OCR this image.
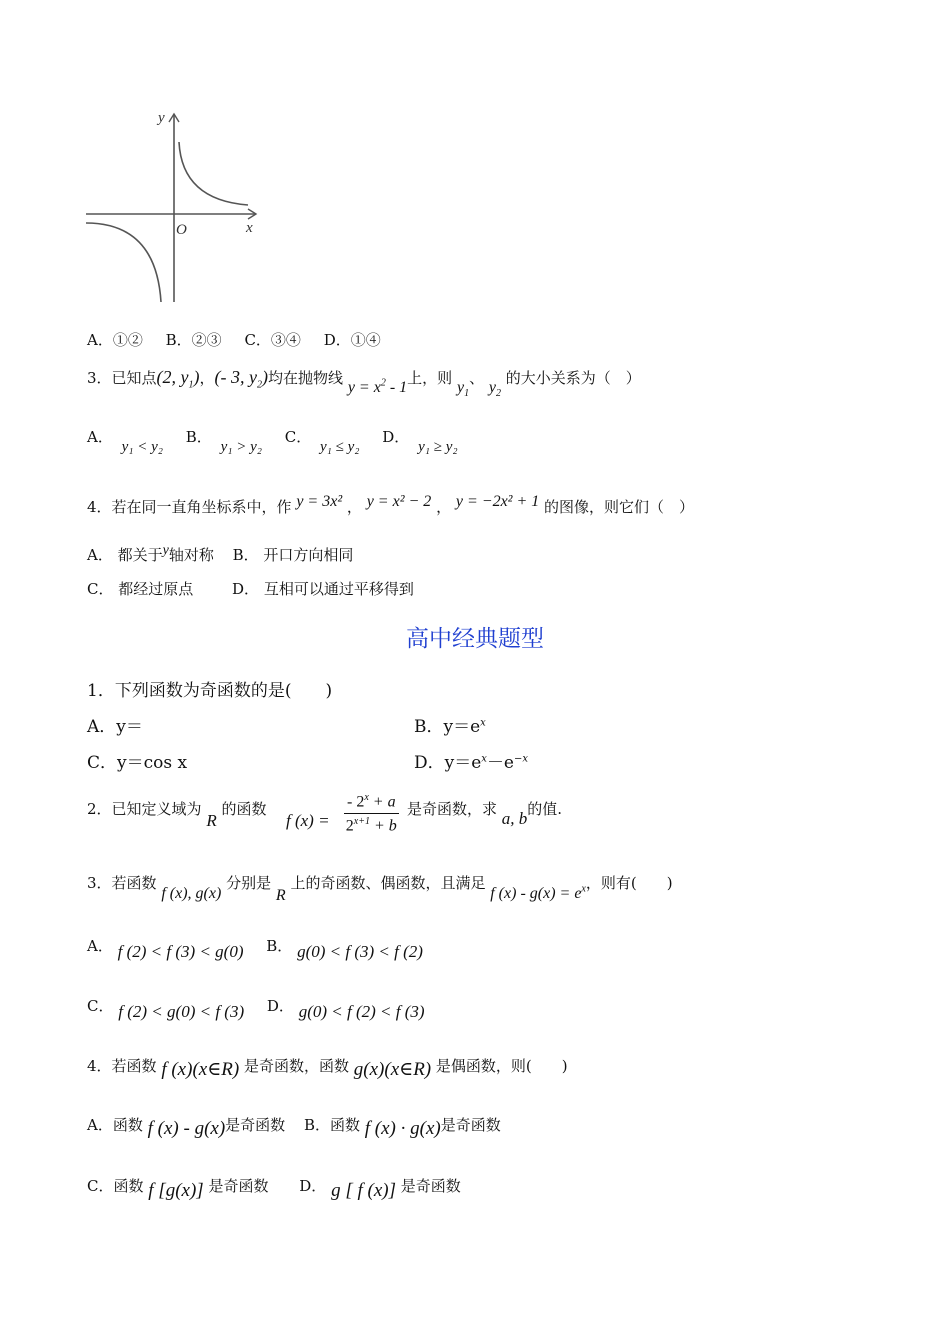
y
x
O
A．①② B．②③ C．③④ D．①④
3．已知点(2, $y_1$)，(- 3, $y_2$)均在抛物线 $y = x^2 - 1$上，则 $y_1$、 $y_2$ 的大小关系为（　）
A． y₁ < y₂ B． y₁ > y₂ C． y₁ ≤ y₂ D． y₁ ≥ y₂
4．若在同一直角坐标系中，作 y = 3x² ， y = x² − 2 ， y = −2x² + 1 的图像，则它们（　）
A． 都关于y轴对称 B． 开口方向相同
C． 都经过原点	D． 互相可以通过平移得到
高中经典题型
1．下列函数为奇函数的是(　　)
A．y＝	B．$y=e^x$
C．y＝cos x	D．$y=e^x-e^{-x}$
2．已知定义域为 R 的函数
f $(x) = \frac{- 2^x + a}{2^{x+1} + b}$ 是奇函数，求 a, b的值.
3．若函数 f (x), g(x) 分别是 R 上的奇函数、偶函数，且满足 f $(x) - g(x) = e^x$，则有(　　)
A． f (2) < f (3) < g(0) B． g(0) < f (3) < f (2)
C． f (2) < g(0) < f (3) D． g(0) < f (2) < f (3)
4．若函数 f (x)(x∈R) 是奇函数，函数 g(x)(x∈R) 是偶函数，则(　　)
A．函数 f (x) - g(x)是奇函数 B．函数 f (x) · g(x)是奇函数
C．函数 f [g(x)] 是奇函数 D． g [ f (x)] 是奇函数
